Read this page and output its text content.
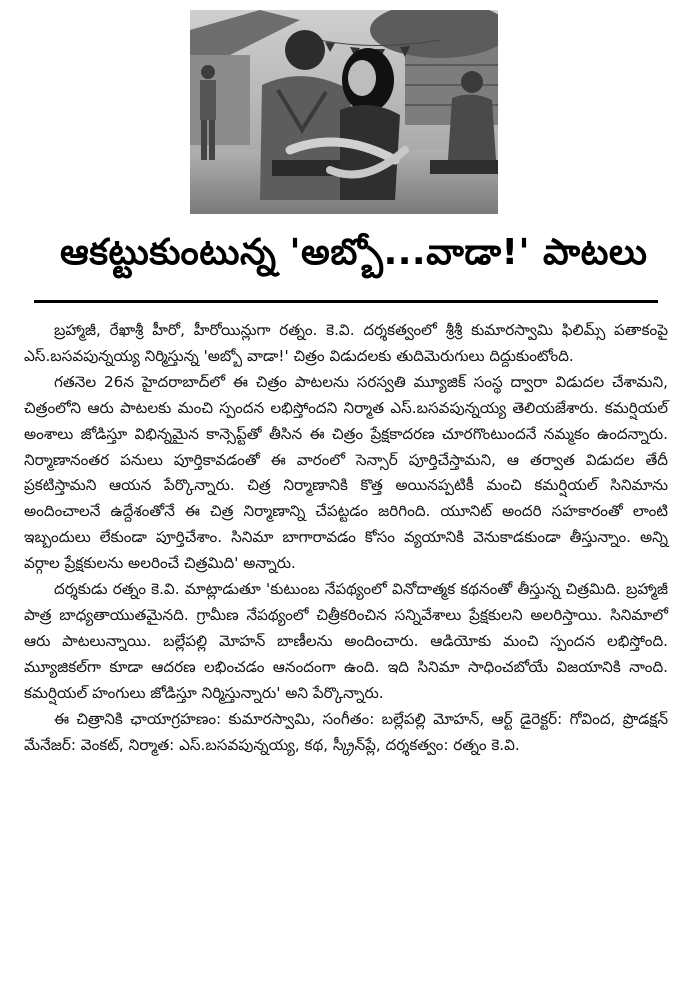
ఆకట్టుకుంటున్న 'అబ్బో...వాడా!' పాటలు

బ్రహ్మాజీ, రేఖాశ్రీ హీరో, హీరోయిన్లుగా రత్నం. కె.వి. దర్శకత్వంలో శ్రీశ్రీ కుమారస్వామి ఫిలిమ్స్ పతాకంపై ఎస్.బసవపున్నయ్య నిర్మిస్తున్న 'అబ్బో వాడా!' చిత్రం విడుదలకు తుదిమెరుగులు దిద్దుకుంటోంది.

గతనెల 26న హైదరాబాద్‌లో ఈ చిత్రం పాటలను సరస్వతి మ్యూజిక్ సంస్థ ద్వారా విడుదల చేశామని, చిత్రంలోని ఆరు పాటలకు మంచి స్పందన లభిస్తోందని నిర్మాత ఎస్.బసవపున్నయ్య తెలియజేశారు. కమర్షియల్ అంశాలు జోడిస్తూ విభిన్నమైన కాన్సెప్ట్‌తో తీసిన ఈ చిత్రం ప్రేక్షకాదరణ చూరగొంటుందనే నమ్మకం ఉందన్నారు. నిర్మాణానంతర పనులు పూర్తికావడంతో ఈ వారంలో సెన్సార్ పూర్తిచేస్తామని, ఆ తర్వాత విడుదల తేదీ ప్రకటిస్తామని ఆయన పేర్కొన్నారు. చిత్ర నిర్మాణానికి కొత్త అయినప్పటికీ మంచి కమర్షియల్ సినిమాను అందించాలనే ఉద్దేశంతోనే ఈ చిత్ర నిర్మాణాన్ని చేపట్టడం జరిగింది. యూనిట్ అందరి సహకారంతో లాంటి ఇబ్బందులు లేకుండా పూర్తిచేశాం. సినిమా బాగారావడం కోసం వ్యయానికి వెనుకాడకుండా తీస్తున్నాం. అన్ని వర్గాల ప్రేక్షకులను అలరించే చిత్రమిది' అన్నారు.

దర్శకుడు రత్నం కె.వి. మాట్లాడుతూ 'కుటుంబ నేపథ్యంలో వినోదాత్మక కథనంతో తీస్తున్న చిత్రమిది. బ్రహ్మాజీ పాత్ర బాధ్యతాయుతమైనది. గ్రామీణ నేపథ్యంలో చిత్రీకరించిన సన్నివేశాలు ప్రేక్షకులని అలరిస్తాయి. సినిమాలో ఆరు పాటలున్నాయి. బల్లేపల్లి మోహన్ బాణీలను అందించారు. ఆడియోకు మంచి స్పందన లభిస్తోంది. మ్యూజికల్‌గా కూడా ఆదరణ లభించడం ఆనందంగా ఉంది. ఇది సినిమా సాధించబోయే విజయానికి నాంది. కమర్షియల్ హంగులు జోడిస్తూ నిర్మిస్తున్నారు' అని పేర్కొన్నారు.

ఈ చిత్రానికి ఛాయాగ్రహణం: కుమారస్వామి, సంగీతం: బల్లేపల్లి మోహన్, ఆర్ట్ డైరెక్టర్: గోవింద, ప్రొడక్షన్ మేనేజర్: వెంకట్, నిర్మాత: ఎస్.బసవపున్నయ్య, కథ, స్క్రీన్‌ప్లే, దర్శకత్వం: రత్నం కె.వి.
